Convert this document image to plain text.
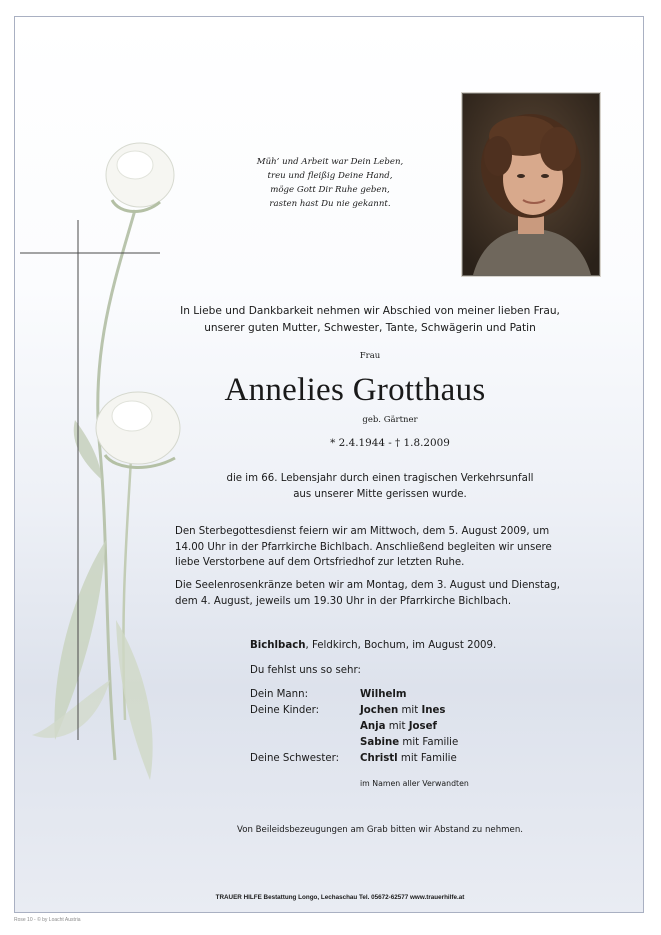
Müh’ und Arbeit war Dein Leben,
treu und fleißig Deine Hand,
möge Gott Dir Ruhe geben,
rasten hast Du nie gekannt.
In Liebe und Dankbarkeit nehmen wir Abschied von meiner lieben Frau,
unserer guten Mutter, Schwester, Tante, Schwägerin und Patin
Frau
Annelies Grotthaus
geb. Gärtner
* 2.4.1944 - † 1.8.2009
die im 66. Lebensjahr durch einen tragischen Verkehrsunfall
aus unserer Mitte gerissen wurde.
Den Sterbegottesdienst feiern wir am Mittwoch, dem 5. August 2009, um
14.00 Uhr in der Pfarrkirche Bichlbach. Anschließend begleiten wir unsere
liebe Verstorbene auf dem Ortsfriedhof zur letzten Ruhe.
Die Seelenrosenkränze beten wir am Montag, dem 3. August und Dienstag,
dem 4. August, jeweils um 19.30 Uhr in der Pfarrkirche Bichlbach.
Bichlbach, Feldkirch, Bochum, im August 2009.
Du fehlst uns so sehr:
Dein Mann:	Wilhelm
Deine Kinder:	Jochen mit Ines
Anja mit Josef
Sabine mit Familie
Deine Schwester: Christl mit Familie
im Namen aller Verwandten
Von Beileidsbezeugungen am Grab bitten wir Abstand zu nehmen.
TRAUER HILFE Bestattung Longo, Lechaschau Tel. 05672-62577 www.trauerhilfe.at
Rose 10 - © by Loacht Austria
